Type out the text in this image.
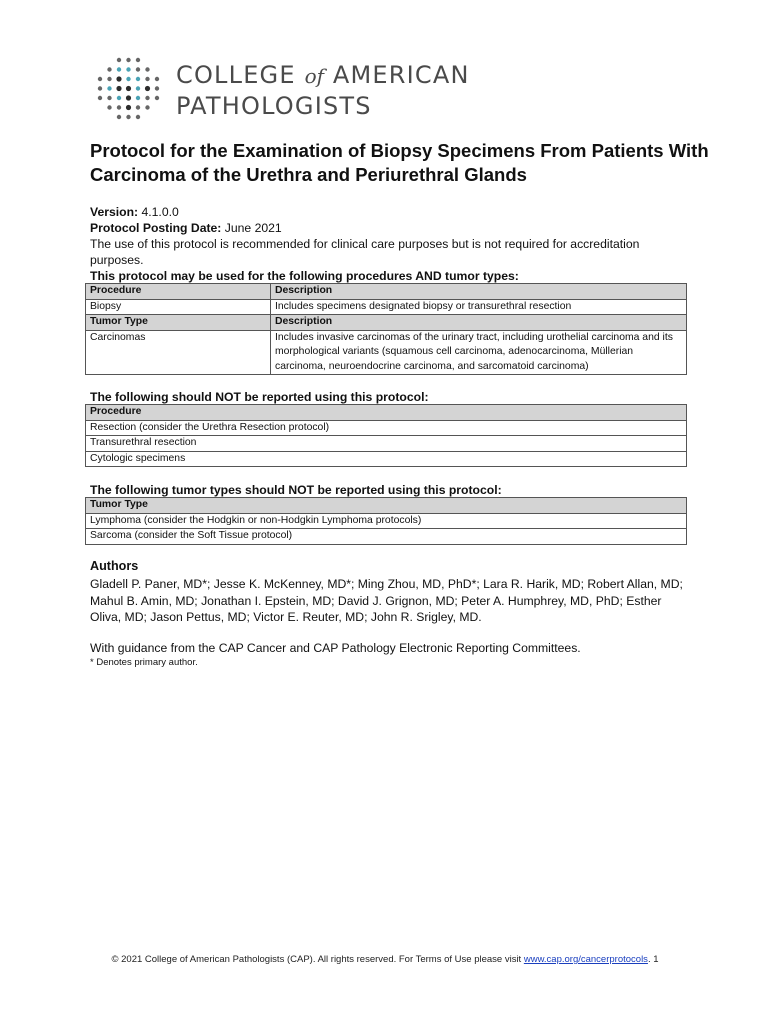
COLLEGE of AMERICAN
PATHOLOGISTS
Protocol for the Examination of Biopsy Specimens From Patients With Carcinoma of the Urethra and Periurethral Glands

Version: 4.1.0.0

Protocol Posting Date: June 2021

The use of this protocol is recommended for clinical care purposes but is not required for accreditation purposes.

This protocol may be used for the following procedures AND tumor types:

Procedure	Description
Biopsy	Includes specimens designated biopsy or transurethral resection
Tumor Type	Description
Carcinomas	Includes invasive carcinomas of the urinary tract, including urothelial carcinoma and its morphological variants (squamous cell carcinoma, adenocarcinoma, Müllerian carcinoma, neuroendocrine carcinoma, and sarcomatoid carcinoma)
The following should NOT be reported using this protocol:
Procedure
Resection (consider the Urethra Resection protocol)
Transurethral resection
Cytologic specimens
The following tumor types should NOT be reported using this protocol:
Tumor Type
Lymphoma (consider the Hodgkin or non-Hodgkin Lymphoma protocols)
Sarcoma (consider the Soft Tissue protocol)
Authors
Gladell P. Paner, MD*; Jesse K. McKenney, MD*; Ming Zhou, MD, PhD*; Lara R. Harik, MD; Robert Allan, MD; Mahul B. Amin, MD; Jonathan I. Epstein, MD; David J. Grignon, MD; Peter A. Humphrey, MD, PhD; Esther Oliva, MD; Jason Pettus, MD; Victor E. Reuter, MD; John R. Srigley, MD.
With guidance from the CAP Cancer and CAP Pathology Electronic Reporting Committees.
* Denotes primary author.
© 2021 College of American Pathologists (CAP). All rights reserved. For Terms of Use please visit www.cap.org/cancerprotocols. 1
